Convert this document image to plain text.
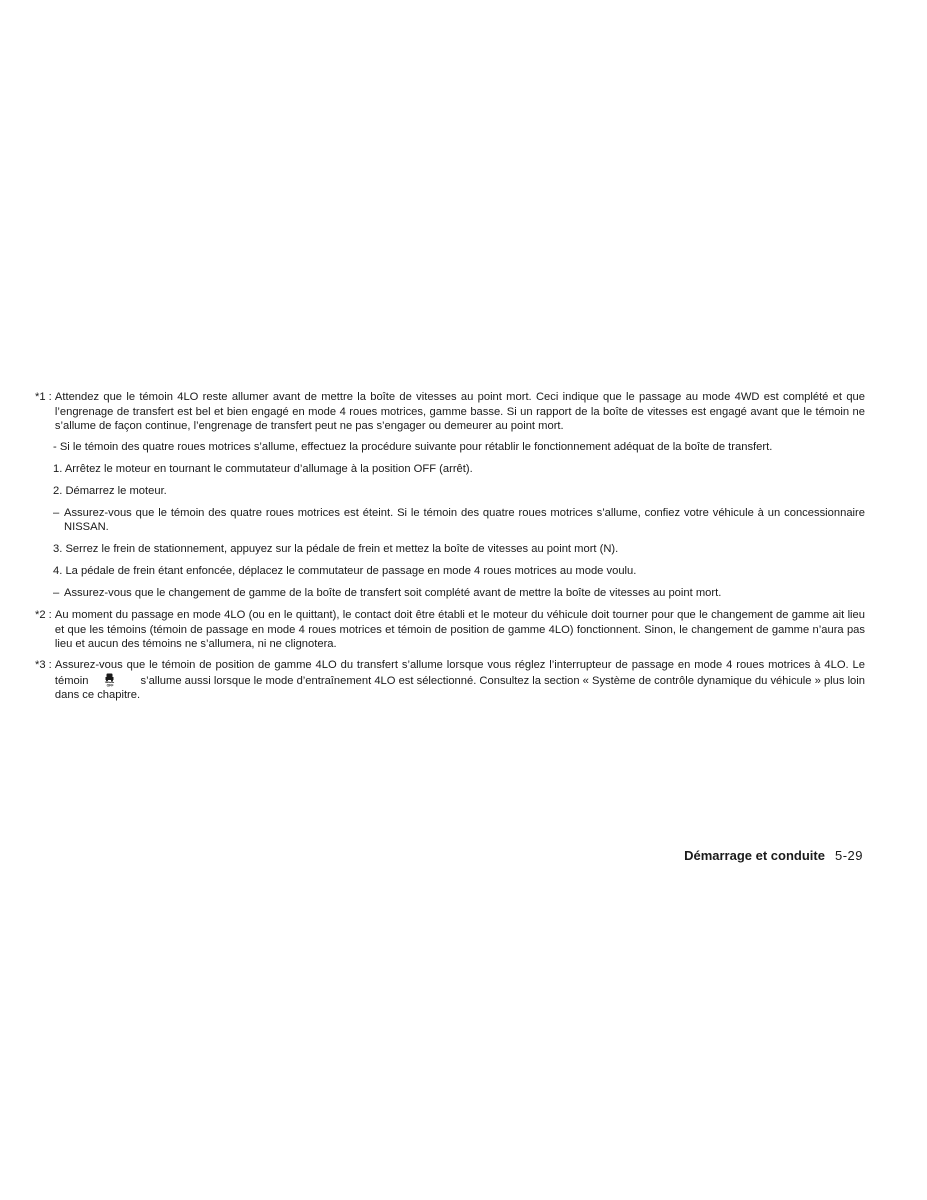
*1 : Attendez que le témoin 4LO reste allumer avant de mettre la boîte de vitesses au point mort. Ceci indique que le passage au mode 4WD est complété et que l’engrenage de transfert est bel et bien engagé en mode 4 roues motrices, gamme basse. Si un rapport de la boîte de vitesses est engagé avant que le témoin ne s’allume de façon continue, l’engrenage de transfert peut ne pas s’engager ou demeurer au point mort.
- Si le témoin des quatre roues motrices s’allume, effectuez la procédure suivante pour rétablir le fonctionnement adéquat de la boîte de transfert.
1. Arrêtez le moteur en tournant le commutateur d’allumage à la position OFF (arrêt).
2. Démarrez le moteur.
– Assurez-vous que le témoin des quatre roues motrices est éteint. Si le témoin des quatre roues motrices s’allume, confiez votre véhicule à un concessionnaire NISSAN.
3. Serrez le frein de stationnement, appuyez sur la pédale de frein et mettez la boîte de vitesses au point mort (N).
4. La pédale de frein étant enfoncée, déplacez le commutateur de passage en mode 4 roues motrices au mode voulu.
– Assurez-vous que le changement de gamme de la boîte de transfert soit complété avant de mettre la boîte de vitesses au point mort.
*2 : Au moment du passage en mode 4LO (ou en le quittant), le contact doit être établi et le moteur du véhicule doit tourner pour que le changement de gamme ait lieu et que les témoins (témoin de passage en mode 4 roues motrices et témoin de position de gamme 4LO) fonctionnent. Sinon, le changement de gamme n’aura pas lieu et aucun des témoins ne s’allumera, ni ne clignotera.
*3 : Assurez-vous que le témoin de position de gamme 4LO du transfert s’allume lorsque vous réglez l’interrupteur de passage en mode 4 roues motrices à 4LO. Le témoin	OFF s’allume aussi lorsque le mode d’entraînement 4LO est sélectionné. Consultez la section « Système de contrôle dynamique du véhicule » plus loin dans ce chapitre.
Démarrage et conduite 5-29
